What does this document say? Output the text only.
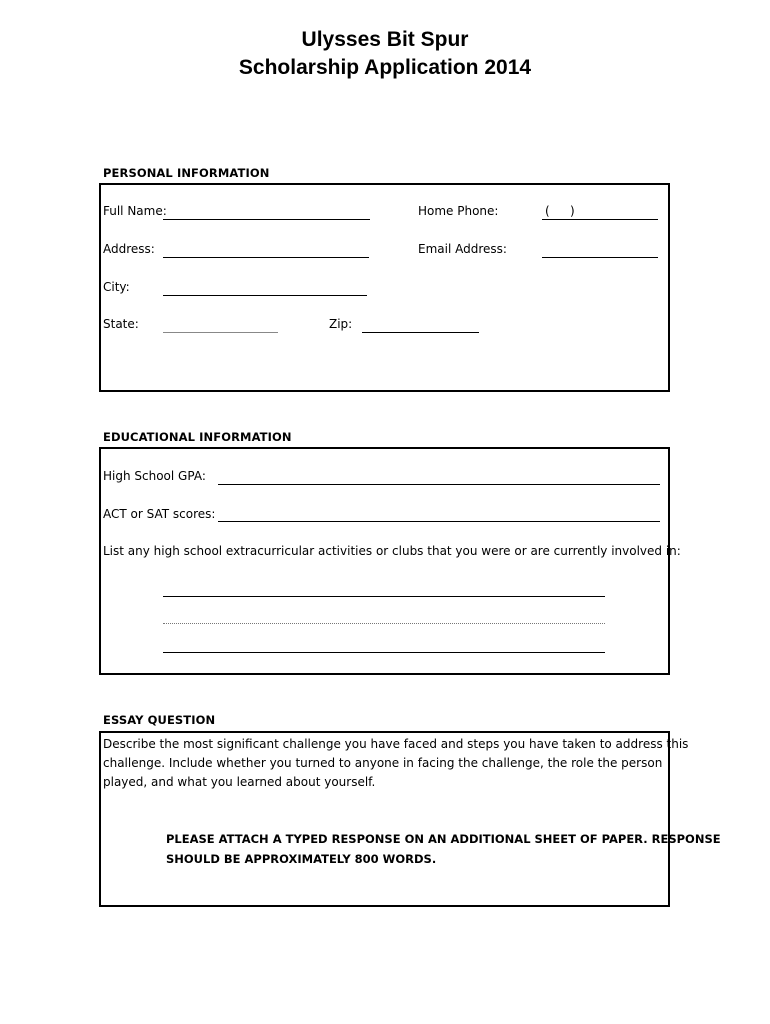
Ulysses Bit Spur
Scholarship Application 2014
PERSONAL INFORMATION
Full Name:	Home Phone:	( )
Address:	Email Address:
City:
State:	Zip:
EDUCATIONAL INFORMATION
High School GPA:
ACT or SAT scores:
List any high school extracurricular activities or clubs that you were or are currently involved in:
ESSAY QUESTION
Describe the most significant challenge you have faced and steps you have taken to address this
challenge. Include whether you turned to anyone in facing the challenge, the role the person
played, and what you learned about yourself.
PLEASE ATTACH A TYPED RESPONSE ON AN ADDITIONAL SHEET OF PAPER. RESPONSE
SHOULD BE APPROXIMATELY 800 WORDS.
